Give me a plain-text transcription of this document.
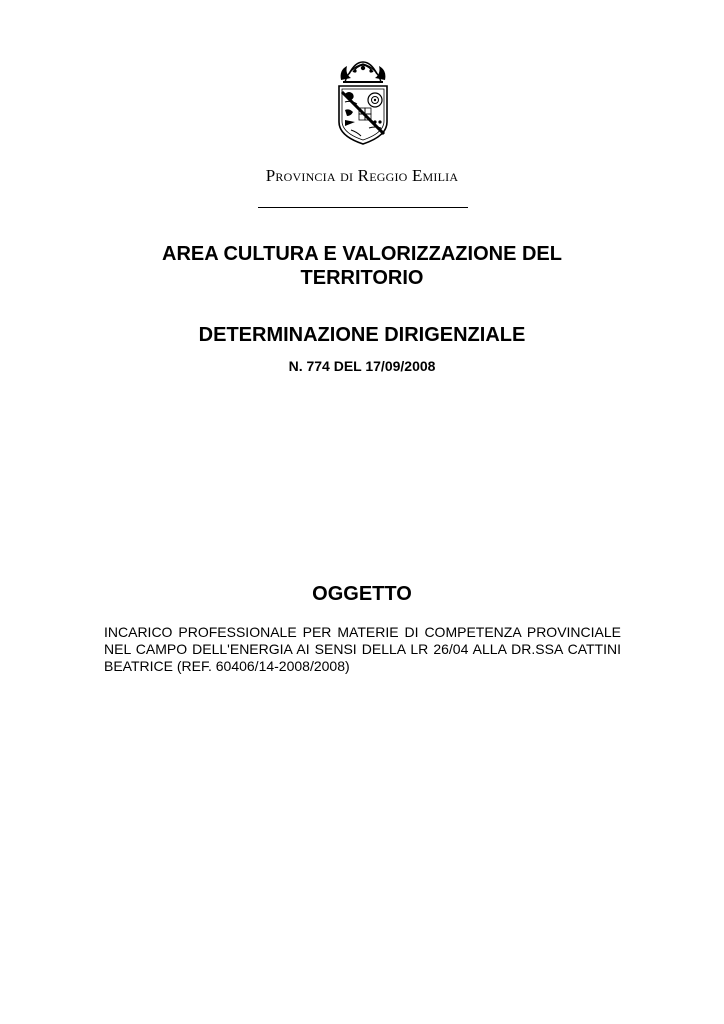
Provincia di Reggio Emilia
AREA CULTURA E VALORIZZAZIONE DEL TERRITORIO
DETERMINAZIONE DIRIGENZIALE
N. 774 DEL 17/09/2008
OGGETTO
INCARICO PROFESSIONALE PER MATERIE DI COMPETENZA PROVINCIALE NEL CAMPO DELL'ENERGIA AI SENSI DELLA LR 26/04 ALLA DR.SSA CATTINI BEATRICE (REF. 60406/14-2008/2008)
